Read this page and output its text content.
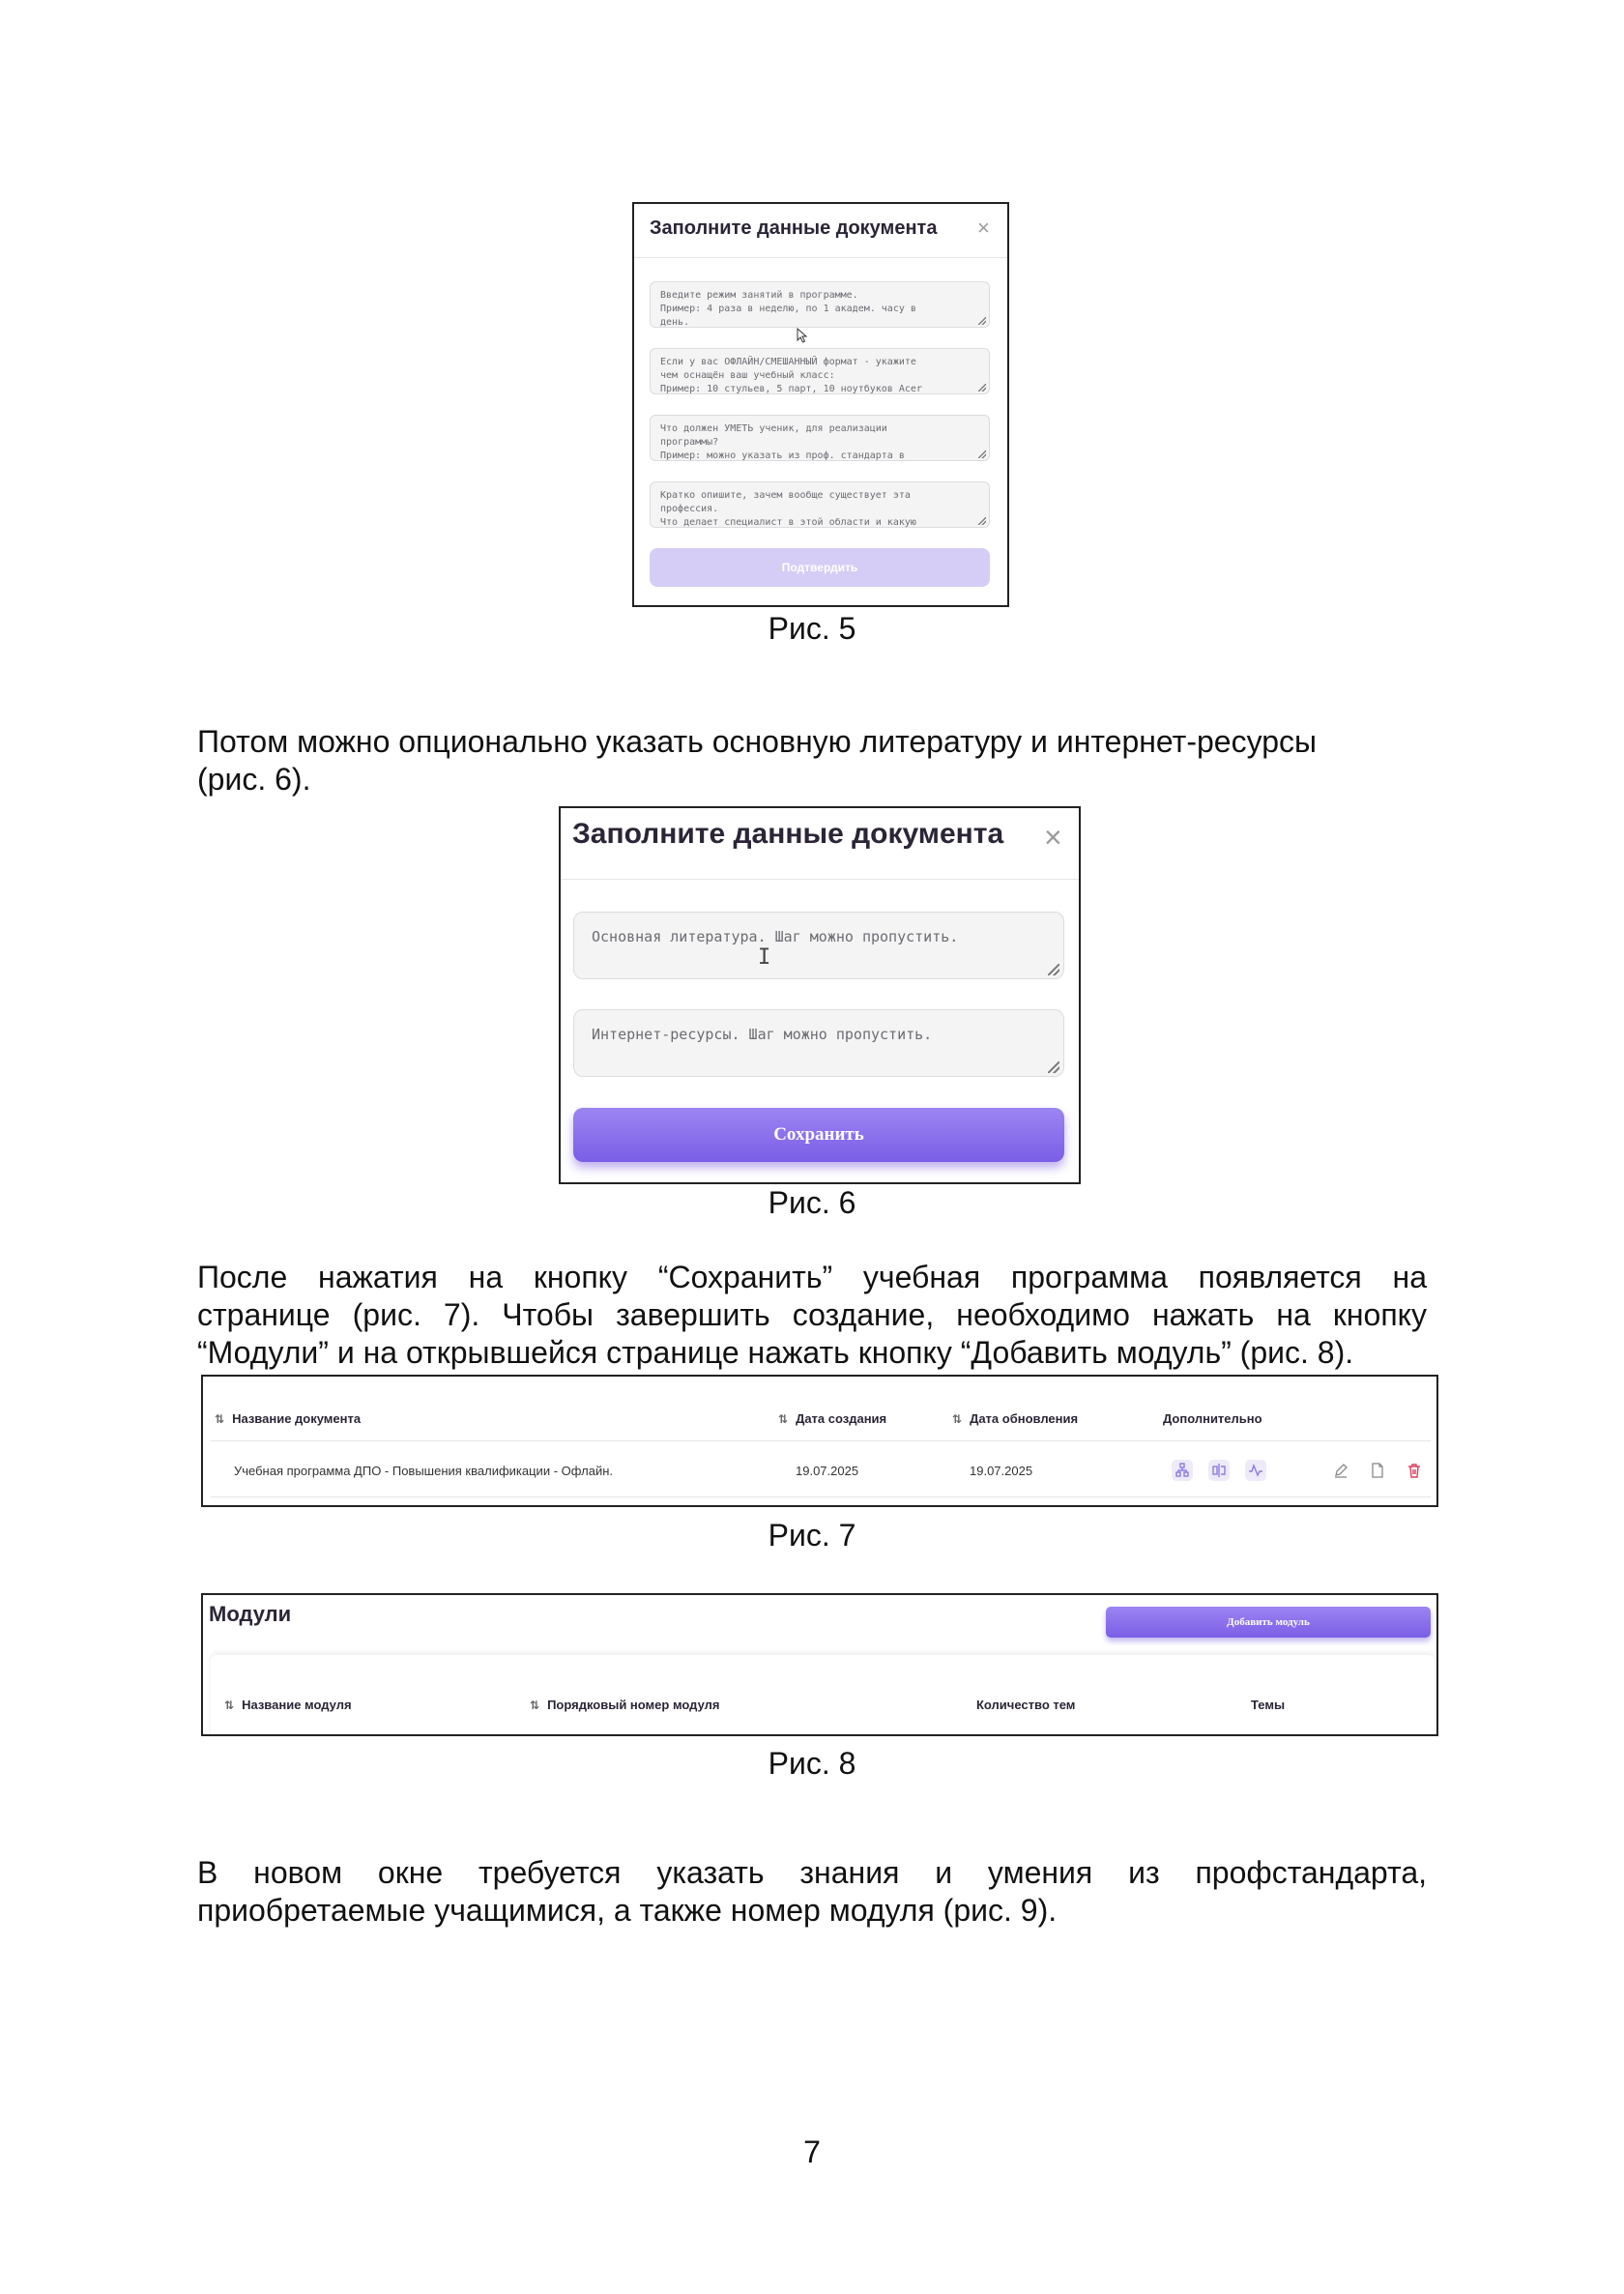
Заполните данные документа ×
Введите режим занятий в программе.
Пример: 4 раза в неделю, по 1 академ. часу в
день.
Если у вас ОФЛАЙН/СМЕШАННЫЙ формат - укажите
чем оснащён ваш учебный класс:
Пример: 10 стульев, 5 парт, 10 ноутбуков Acer
Что должен УМЕТЬ ученик, для реализации
программы?
Пример: можно указать из проф. стандарта в
Кратко опишите, зачем вообще существует эта
профессия.
Что делает специалист в этой области и какую
Подтвердить
Рис. 5
Потом можно опционально указать основную литературу и интернет-ресурсы
(рис. 6).
Заполните данные документа ×
Основная литература. Шаг можно пропустить.
I
Интернет-ресурсы. Шаг можно пропустить.
Сохранить
Рис. 6
После нажатия на кнопку “Сохранить” учебная программа появляется на
странице (рис. 7). Чтобы завершить создание, необходимо нажать на кнопку
“Модули” и на открывшейся странице нажать кнопку “Добавить модуль” (рис. 8).
⇅ Название документа	⇅ Дата создания	⇅ Дата обновления	Дополнительно
Учебная программа ДПО - Повышения квалификации - Офлайн.	19.07.2025	19.07.2025
Рис. 7
Модули	Добавить модуль
⇅ Название модуля	⇅ Порядковый номер модуля	Количество тем	Темы
Рис. 8
В новом окне требуется указать знания и умения из профстандарта,
приобретаемые учащимися, а также номер модуля (рис. 9).
7
